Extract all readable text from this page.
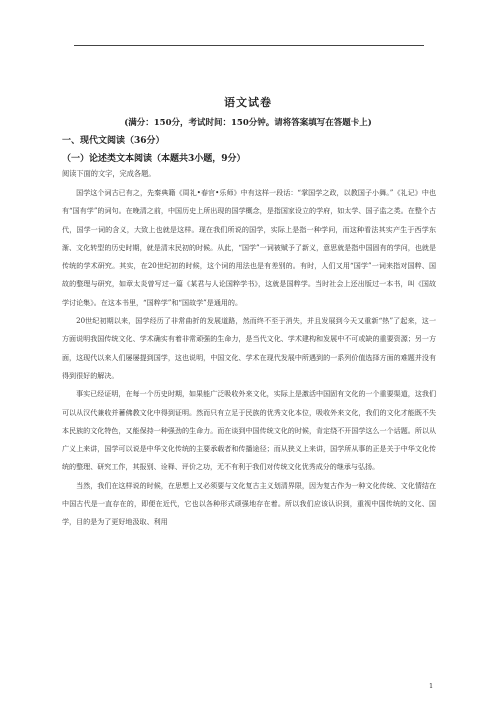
语文试卷
(满分：150分，考试时间：150分钟。请将答案填写在答题卡上)
一、现代文阅读（36分）
（一）论述类文本阅读（本题共3小题，9分）
阅读下面的文字，完成各题。

国学这个词古已有之，先秦典籍《周礼•春官•乐师》中有这样一段话：“掌国学之政，以教国子小舞。”《礼记》中也有“国有学”的词句。在晚清之前，中国历史上所出现的国学概念，是指国家设立的学府，如太学、国子监之类。在整个古代，国学一词的含义，大致上也就是这样。现在我们所说的国学，实际上是指一种学问，而这种看法其实产生于西学东渐、文化转型的历史时期，就是清末民初的时候。从此，“国学”一词被赋予了新义，意思就是指中国固有的学问，也就是传统的学术研究。其实，在20世纪初的时候，这个词的用法也是有差别的。有时，人们又用“国学”一词来指对国粹、国故的整理与研究，如章太炎曾写过一篇《某君与人论国粹学书》，这就是国粹学。当时社会上还出版过一本书，叫《国故学讨论集》。在这本书里，“国粹学”和“国故学”是通用的。

20世纪初期以来，国学经历了非常曲折的发展道路，然而终不至于消失，并且发展到今天又重新“热”了起来，这一方面说明我国传统文化、学术确实有着非常顽强的生命力，是当代文化、学术建构和发展中不可或缺的重要资源；另一方面，这现代以来人们屡屡提到国学，这也说明，中国文化、学术在现代发展中所遇到的一系列价值选择方面的难题并没有得到很好的解决。

事实已经证明，在每一个历史时期，如果能广泛吸收外来文化，实际上是激活中国固有文化的一个重要渠道，这我们可以从汉代兼收并蓄佛教文化中得到证明。然而只有立足于民族的优秀文化本位，吸收外来文化，我们的文化才能既不失本民族的文化特色，又能保持一种强劲的生命力。而在谈到中国传统文化的时候，肯定绕不开国学这么一个话题。所以从广义上来讲，国学可以说是中华文化传统的主要承载者和传播途径；而从狭义上来讲，国学所从事的正是关于中华文化传统的整理、研究工作，其报别、诠释、评价之功，无不有利于我们对传统文化优秀成分的继承与弘扬。

当然，我们在这样说的时候，在思想上又必须要与文化复古主义划清界限，因为复古作为一种文化传统、文化情结在中国古代是一直存在的，即便在近代，它也以各种形式顽强地存在着。所以我们应该认识到，重视中国传统的文化、国学，目的是为了更好地汲取、利用

1
